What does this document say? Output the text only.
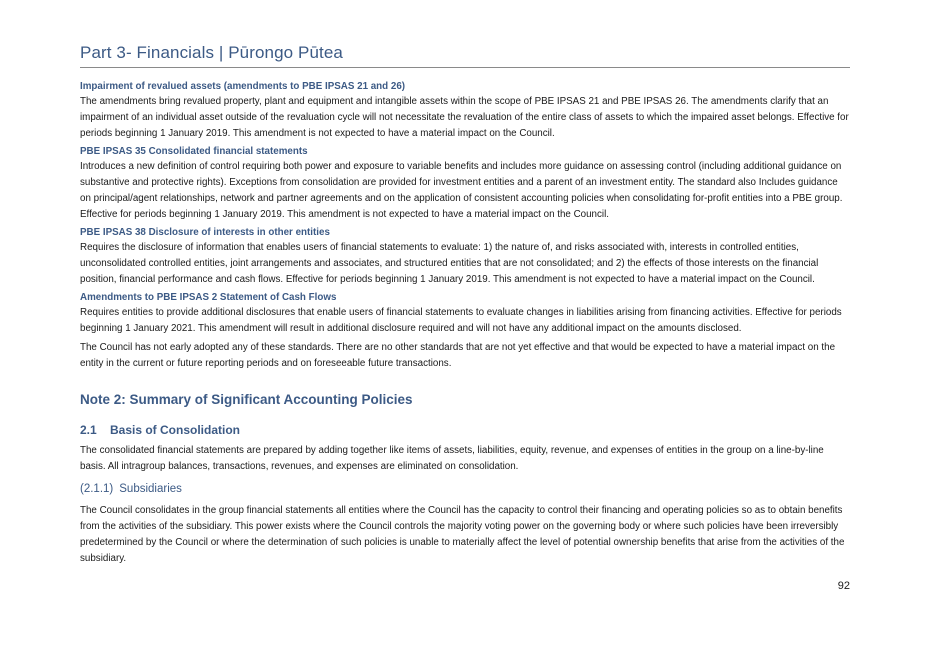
Part 3- Financials | Pūrongo Pūtea
Impairment of revalued assets (amendments to PBE IPSAS 21 and 26)

The amendments bring revalued property, plant and equipment and intangible assets within the scope of PBE IPSAS 21 and PBE IPSAS 26. The amendments clarify that an impairment of an individual asset outside of the revaluation cycle will not necessitate the revaluation of the entire class of assets to which the impaired asset belongs. Effective for periods beginning 1 January 2019. This amendment is not expected to have a material impact on the Council.

PBE IPSAS 35 Consolidated financial statements

Introduces a new definition of control requiring both power and exposure to variable benefits and includes more guidance on assessing control (including additional guidance on substantive and protective rights). Exceptions from consolidation are provided for investment entities and a parent of an investment entity. The standard also Includes guidance on principal/agent relationships, network and partner agreements and on the application of consistent accounting policies when consolidating for-profit entities into a PBE group. Effective for periods beginning 1 January 2019. This amendment is not expected to have a material impact on the Council.

PBE IPSAS 38 Disclosure of interests in other entities

Requires the disclosure of information that enables users of financial statements to evaluate: 1) the nature of, and risks associated with, interests in controlled entities, unconsolidated controlled entities, joint arrangements and associates, and structured entities that are not consolidated; and 2) the effects of those interests on the financial position, financial performance and cash flows. Effective for periods beginning 1 January 2019. This amendment is not expected to have a material impact on the Council.

Amendments to PBE IPSAS 2 Statement of Cash Flows

Requires entities to provide additional disclosures that enable users of financial statements to evaluate changes in liabilities arising from financing activities. Effective for periods beginning 1 January 2021. This amendment will result in additional disclosure required and will not have any additional impact on the amounts disclosed.

The Council has not early adopted any of these standards. There are no other standards that are not yet effective and that would be expected to have a material impact on the entity in the current or future reporting periods and on foreseeable future transactions.

Note 2: Summary of Significant Accounting Policies
2.1 Basis of Consolidation

The consolidated financial statements are prepared by adding together like items of assets, liabilities, equity, revenue, and expenses of entities in the group on a line-by-line basis. All intragroup balances, transactions, revenues, and expenses are eliminated on consolidation.

(2.1.1) Subsidiaries

The Council consolidates in the group financial statements all entities where the Council has the capacity to control their financing and operating policies so as to obtain benefits from the activities of the subsidiary. This power exists where the Council controls the majority voting power on the governing body or where such policies have been irreversibly predetermined by the Council or where the determination of such policies is unable to materially affect the level of potential ownership benefits that arise from the activities of the subsidiary.

92
